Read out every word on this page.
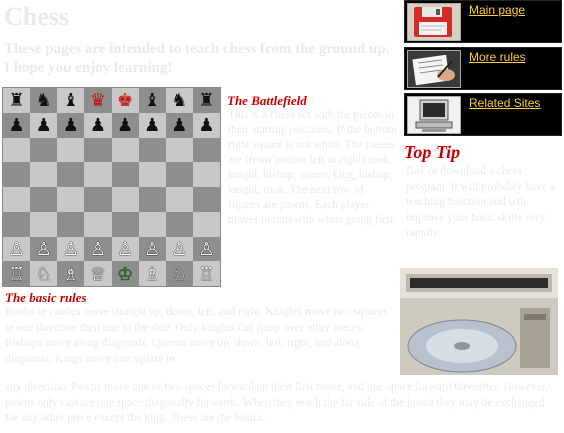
Chess

These pages are intended to teach chess from the ground up. I hope you enjoy learning!

♜ ♞ ♝ ♛ ♚ ♝ ♞ ♜
♟ ♟ ♟ ♟ ♟ ♟ ♟ ♟
♙ ♙ ♙ ♙ ♙ ♙ ♙ ♙
♖ ♘ ♗ ♕ ♔ ♗ ♘ ♖
The Battlefield

This is a chess set with the pieces in their starting positions. If the bottom right square is not white. The pieces are (from bottom left to right) rook, knight, bishop, queen, king, bishop, knight, rook. The next row of figures are pawns. Each player moves in turn with white going first.

The basic rules

Rooks or castles move straight up, down, left, and right. Knights move two squares in one direction then one to the side. Only knights can jump over other pieces. Bishops move along diagonals. Queens move up, down, left, right, and along diagonals. Kings move one square in

any direction. Pawns move one or two spaces forward on their first move, and one space forward thereafter. However, pawns only capture one space diagonally forwards. When they reach the far side of the board they may be exchanged for any other piece except the king. These are the basics.

Main page
More rules
Related Sites
Top Tip

Buy or download a chess program. It will probably have a teaching function and will improve your basic skills very rapidly.
